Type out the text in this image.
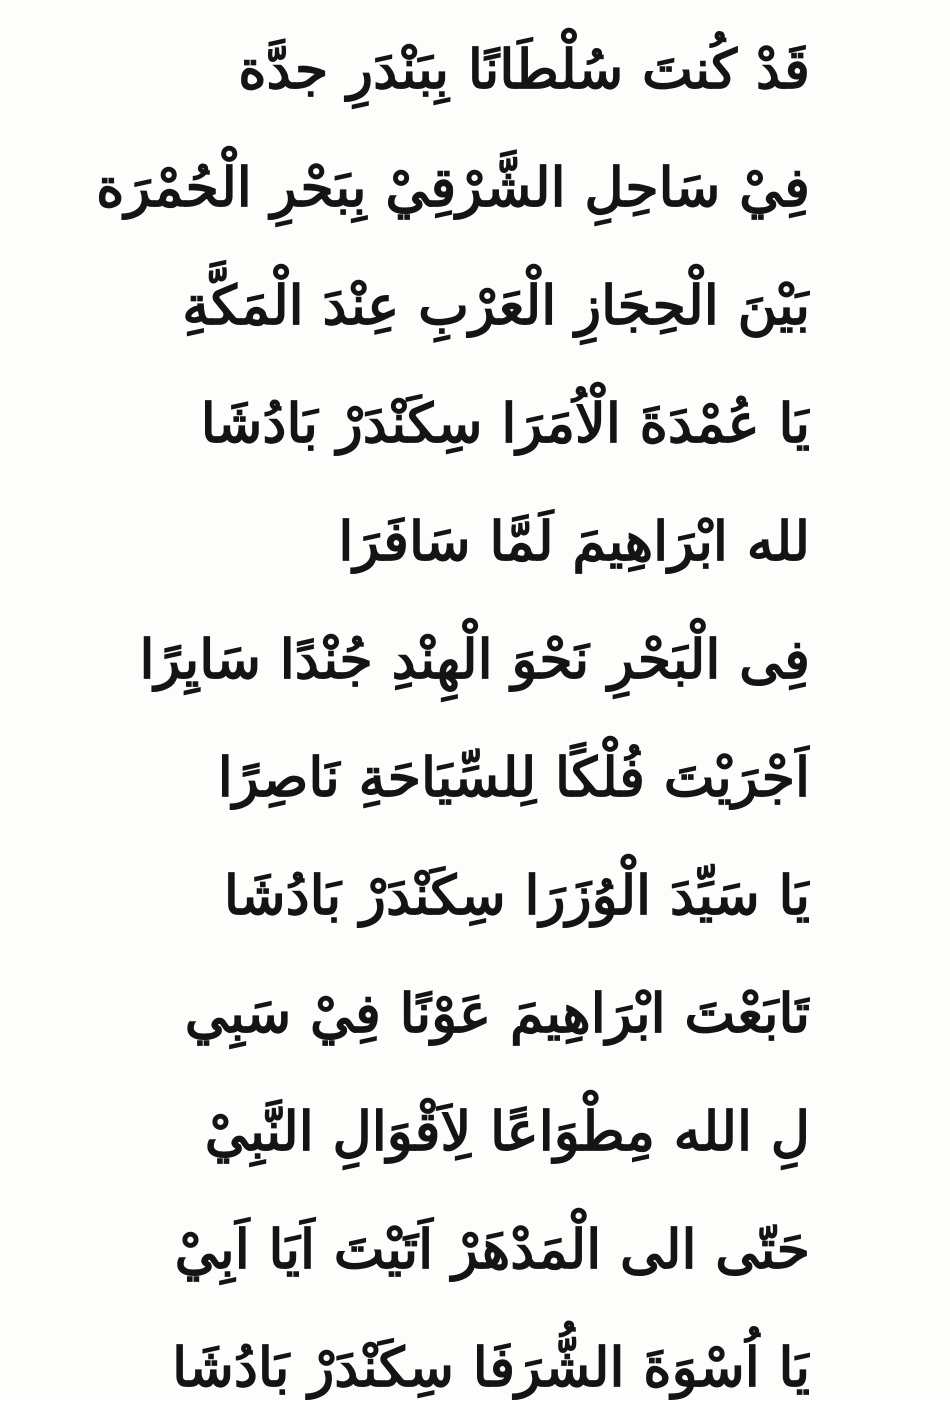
قَدْ كُنتَ سُلْطَانًا بِبَنْدَرِ جدَّة
فِيْ سَاحِلِ الشَّرْقِيْ بِبَحْرِ الْحُمْرَة
بَيْنَ الْحِجَازِ الْعَرْبِ عِنْدَ الْمَكَّةِ
يَا عُمْدَةَ الْاُمَرَا سِكَنْدَرْ بَادُشَا
لله ابْرَاهِيمَ لَمَّا سَافَرَا
فِى الْبَحْرِ نَحْوَ الْهِنْدِ جُنْدًا سَايِرًا
اَجْرَيْتَ فُلْكًا لِلسِّيَاحَةِ نَاصِرًا
يَا سَيِّدَ الْوُزَرَا سِكَنْدَرْ بَادُشَا
تَابَعْتَ ابْرَاهِيمَ عَوْنًا فِيْ سَبِي
لِ الله مِطْوَاعًا لِاَقْوَالِ النَّبِيْ
حَتّى الى الْمَدْهَرْ اَتَيْتَ اَيَا اَبِيْ
يَا اُسْوَةَ الشُّرَفَا سِكَنْدَرْ بَادُشَا
